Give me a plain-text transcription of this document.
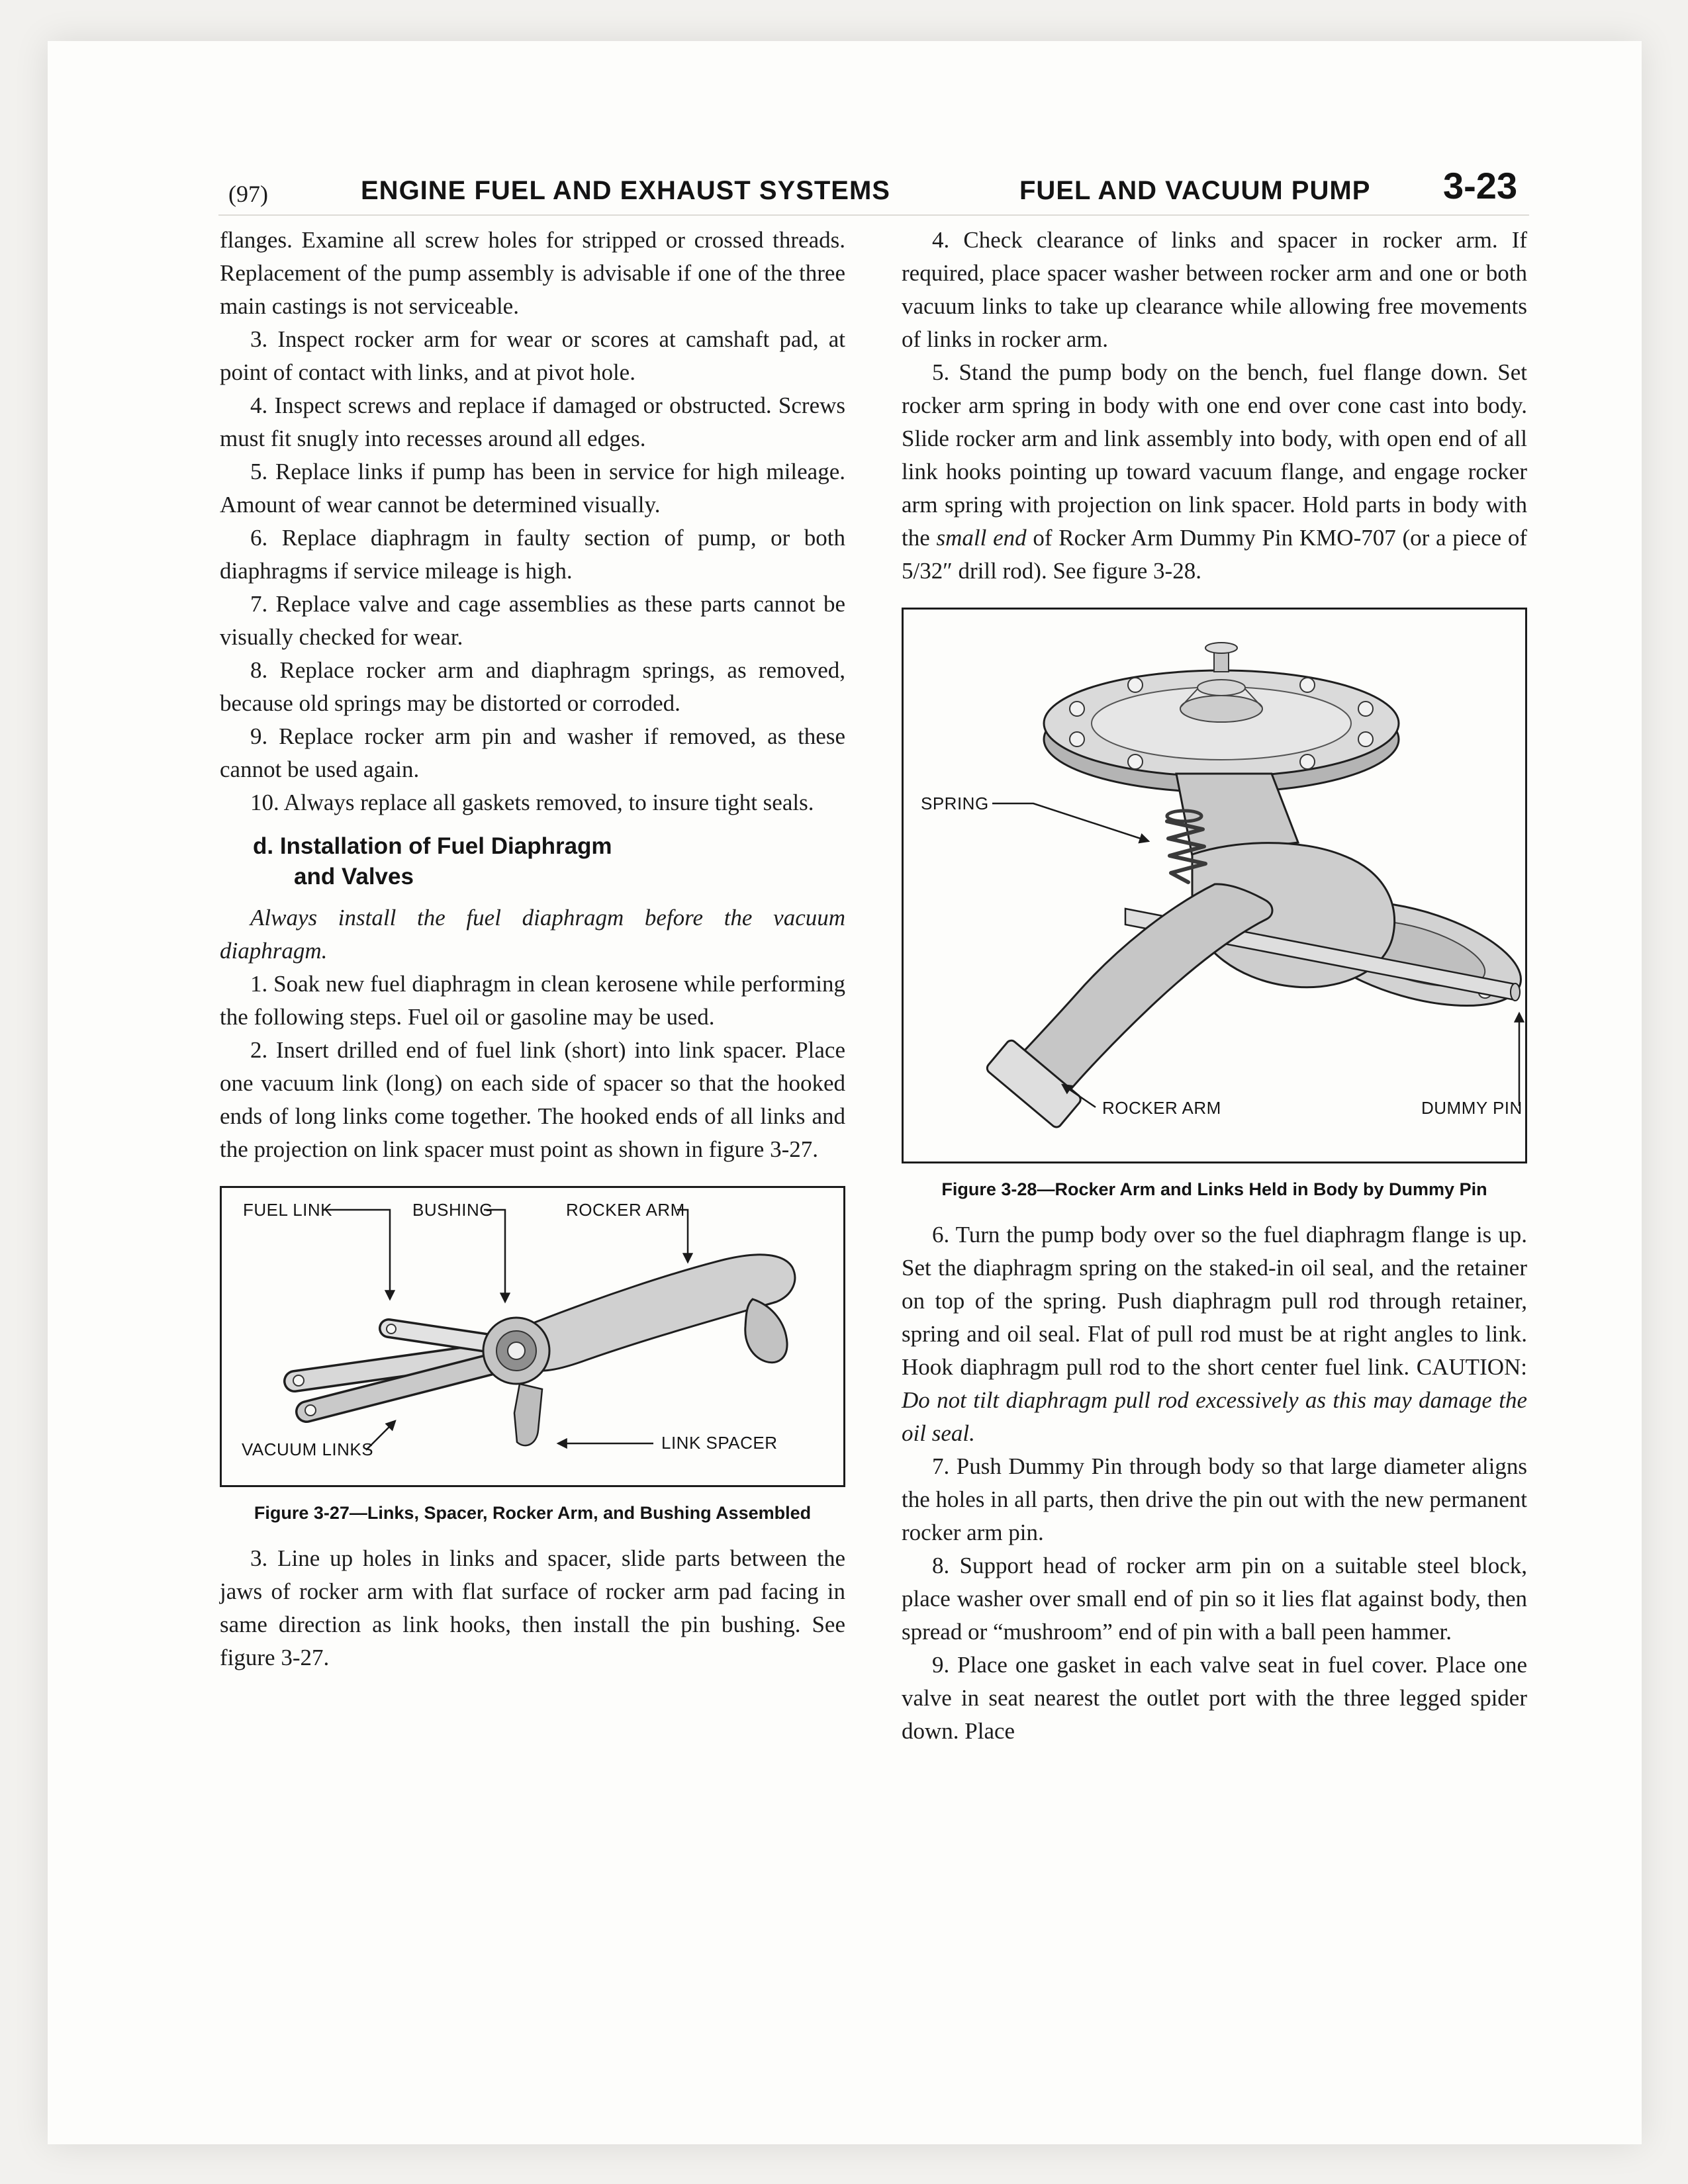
(97)	ENGINE FUEL AND EXHAUST SYSTEMS	FUEL AND VACUUM PUMP 3-23

flanges. Examine all screw holes for stripped or crossed threads. Replacement of the pump assembly is advisable if one of the three main castings is not serviceable.

3. Inspect rocker arm for wear or scores at camshaft pad, at point of contact with links, and at pivot hole.

4. Inspect screws and replace if damaged or obstructed. Screws must fit snugly into recesses around all edges.

5. Replace links if pump has been in service for high mileage. Amount of wear cannot be determined visually.

6. Replace diaphragm in faulty section of pump, or both diaphragms if service mileage is high.

7. Replace valve and cage assemblies as these parts cannot be visually checked for wear.

8. Replace rocker arm and diaphragm springs, as removed, because old springs may be distorted or corroded.

9. Replace rocker arm pin and washer if removed, as these cannot be used again.

10. Always replace all gaskets removed, to insure tight seals.

d. Installation of Fuel Diaphragm
and Valves

Always install the fuel diaphragm before the vacuum diaphragm.

1. Soak new fuel diaphragm in clean kerosene while performing the following steps. Fuel oil or gasoline may be used.

2. Insert drilled end of fuel link (short) into link spacer. Place one vacuum link (long) on each side of spacer so that the hooked ends of long links come together. The hooked ends of all links and the projection on link spacer must point as shown in figure 3-27.

FUEL LINK	BUSHING	ROCKER ARM
VACUUM LINKS	LINK SPACER
Figure 3-27—Links, Spacer, Rocker Arm, and Bushing Assembled

3. Line up holes in links and spacer, slide parts between the jaws of rocker arm with flat surface of rocker arm pad facing in same direction as link hooks, then install the pin bushing. See figure 3-27.

4. Check clearance of links and spacer in rocker arm. If required, place spacer washer between rocker arm and one or both vacuum links to take up clearance while allowing free movements of links in rocker arm.

5. Stand the pump body on the bench, fuel flange down. Set rocker arm spring in body with one end over cone cast into body. Slide rocker arm and link assembly into body, with open end of all link hooks pointing up toward vacuum flange, and engage rocker arm spring with projection on link spacer. Hold parts in body with the small end of Rocker Arm Dummy Pin KMO-707 (or a piece of 5/32″ drill rod). See figure 3-28.

SPRING
ROCKER ARM	DUMMY PIN
Figure 3-28—Rocker Arm and Links Held in Body by Dummy Pin

6. Turn the pump body over so the fuel diaphragm flange is up. Set the diaphragm spring on the staked-in oil seal, and the retainer on top of the spring. Push diaphragm pull rod through retainer, spring and oil seal. Flat of pull rod must be at right angles to link. Hook diaphragm pull rod to the short center fuel link. CAUTION: Do not tilt diaphragm pull rod excessively as this may damage the oil seal.

7. Push Dummy Pin through body so that large diameter aligns the holes in all parts, then drive the pin out with the new permanent rocker arm pin.

8. Support head of rocker arm pin on a suitable steel block, place washer over small end of pin so it lies flat against body, then spread or “mushroom” end of pin with a ball peen hammer.

9. Place one gasket in each valve seat in fuel cover. Place one valve in seat nearest the outlet port with the three legged spider down. Place
